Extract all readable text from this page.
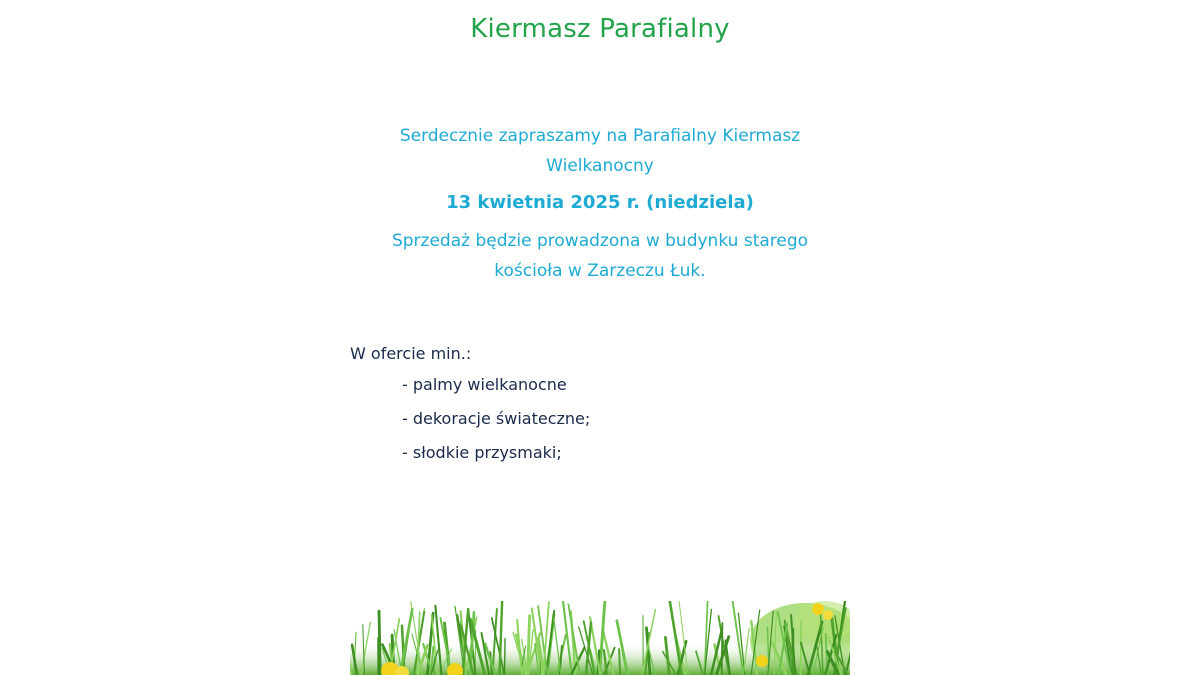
Kiermasz Parafialny
Serdecznie zapraszamy na Parafialny Kiermasz
Wielkanocny
13 kwietnia 2025 r. (niedziela)
Sprzedaż będzie prowadzona w budynku starego
kościoła w Zarzeczu Łuk.
W ofercie min.:
- palmy wielkanocne
- dekoracje świateczne;
- słodkie przysmaki;
